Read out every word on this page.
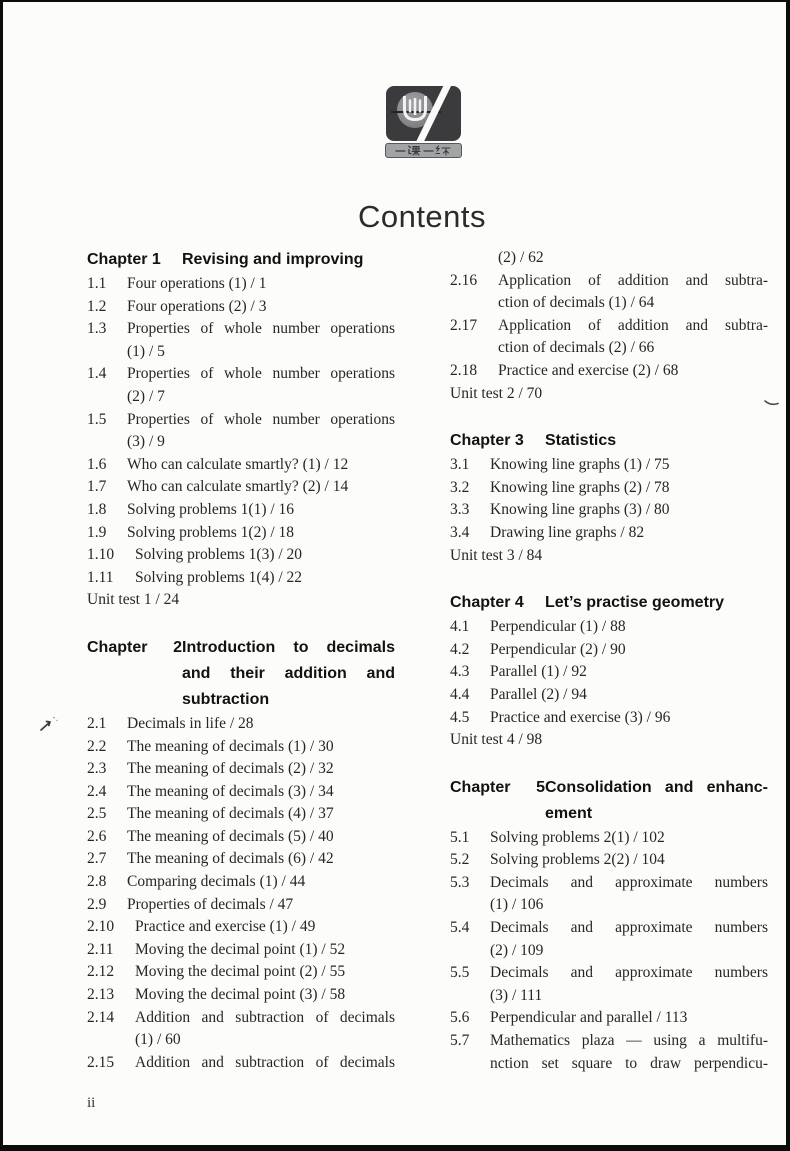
Contents
Chapter 1 Revising and improving
1.1 Four operations (1) / 1
1.2 Four operations (2) / 3
1.3 Properties of whole number operations
(1) / 5
1.4 Properties of whole number operations
(2) / 7
1.5 Properties of whole number operations
(3) / 9
1.6 Who can calculate smartly? (1) / 12
1.7 Who can calculate smartly? (2) / 14
1.8 Solving problems 1(1) / 16
1.9 Solving problems 1(2) / 18
1.10 Solving problems 1(3) / 20
1.11 Solving problems 1(4) / 22
Unit test 1 / 24
Chapter 2Introduction to decimals
and their addition and
subtraction
2.1 Decimals in life / 28
2.2 The meaning of decimals (1) / 30
2.3 The meaning of decimals (2) / 32
2.4 The meaning of decimals (3) / 34
2.5 The meaning of decimals (4) / 37
2.6 The meaning of decimals (5) / 40
2.7 The meaning of decimals (6) / 42
2.8 Comparing decimals (1) / 44
2.9 Properties of decimals / 47
2.10 Practice and exercise (1) / 49
2.11 Moving the decimal point (1) / 52
2.12 Moving the decimal point (2) / 55
2.13 Moving the decimal point (3) / 58
2.14 Addition and subtraction of decimals
(1) / 60
2.15 Addition and subtraction of decimals
(2) / 62
2.16 Application of addition and subtra-
ction of decimals (1) / 64
2.17 Application of addition and subtra-
ction of decimals (2) / 66
2.18 Practice and exercise (2) / 68
Unit test 2 / 70
Chapter 3 Statistics
3.1 Knowing line graphs (1) / 75
3.2 Knowing line graphs (2) / 78
3.3 Knowing line graphs (3) / 80
3.4 Drawing line graphs / 82
Unit test 3 / 84
Chapter 4 Let’s practise geometry
4.1 Perpendicular (1) / 88
4.2 Perpendicular (2) / 90
4.3 Parallel (1) / 92
4.4 Parallel (2) / 94
4.5 Practice and exercise (3) / 96
Unit test 4 / 98
Chapter 5Consolidation and enhanc-
ement
5.1 Solving problems 2(1) / 102
5.2 Solving problems 2(2) / 104
5.3 Decimals and approximate numbers
(1) / 106
5.4 Decimals and approximate numbers
(2) / 109
5.5 Decimals and approximate numbers
(3) / 111
5.6 Perpendicular and parallel / 113
5.7 Mathematics plaza — using a multifu-
nction set square to draw perpendicu-
ii
